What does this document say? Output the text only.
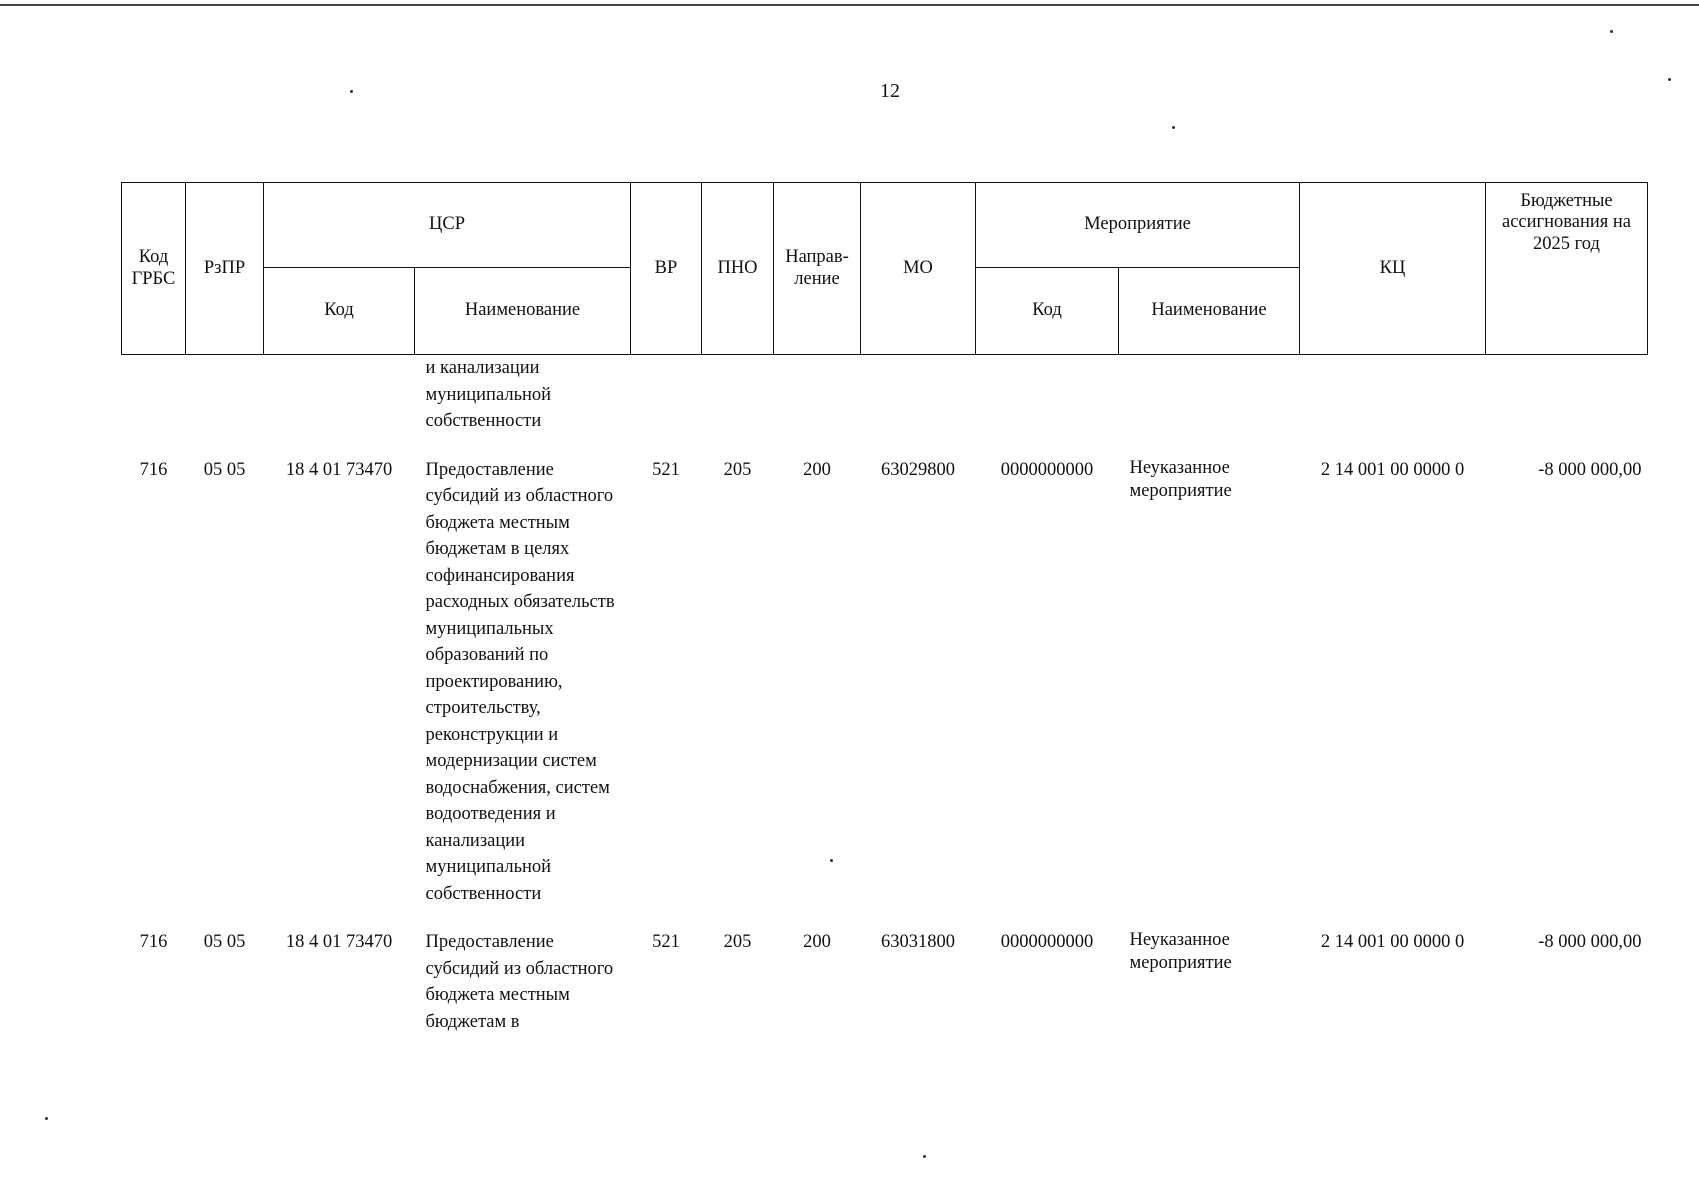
12
Код ГРБС	РзПР	ЦСР		ВР	ПНО	Направ-ление	МО	Мероприятие		КЦ	Бюджетные ассигнования на 2025 год
		Код	Наименование					Код	Наименование		
			и канализации муниципальной собственности								
716	05 05	18 4 01 73470	Предоставление субсидий из областного бюджета местным бюджетам в целях софинансирования расходных обязательств муниципальных образований по проектированию, строительству, реконструкции и модернизации систем водоснабжения, систем водоотведения и канализации муниципальной собственности	521	205	200	63029800	0000000000	Неуказанное мероприятие	2 14 001 00 0000 0	-8 000 000,00
716	05 05	18 4 01 73470	Предоставление субсидий из областного бюджета местным бюджетам в	521	205	200	63031800	0000000000	Неуказанное мероприятие	2 14 001 00 0000 0	-8 000 000,00
